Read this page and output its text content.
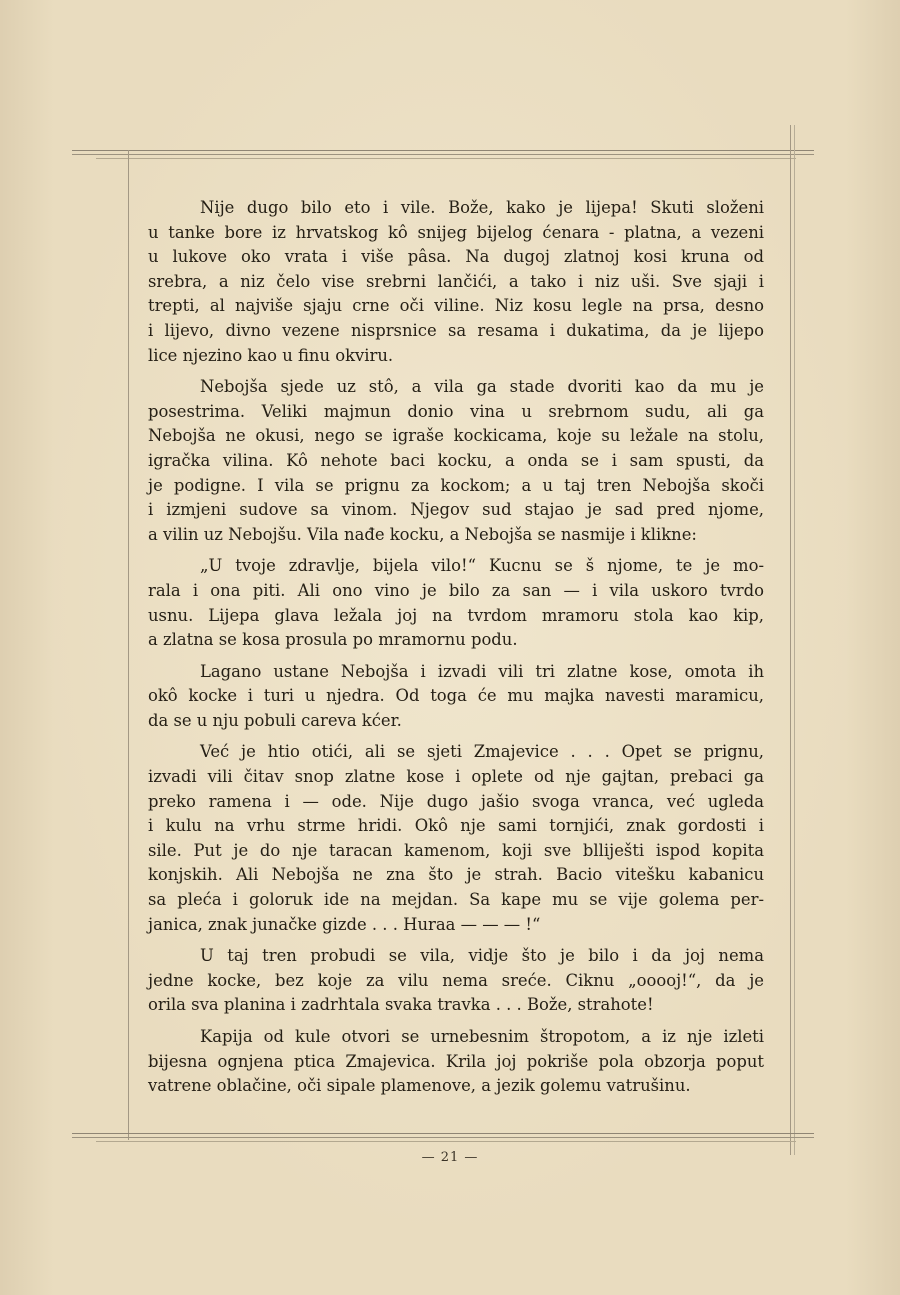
Nije dugo bilo eto i vile. Bože, kako je lijepa! Skuti složeni
u tanke bore iz hrvatskog kô snijeg bijelog ćenara - platna, a vezeni
u lukove oko vrata i više pâsa. Na dugoj zlatnoj kosi kruna od
srebra, a niz čelo vise srebrni lančići, a tako i niz uši. Sve sjaji i
trepti, al najviše sjaju crne oči viline. Niz kosu legle na prsa, desno
i lijevo, divno vezene nisprsnice sa resama i dukatima, da je lijepo
lice njezino kao u finu okviru.
Nebojša sjede uz stô, a vila ga stade dvoriti kao da mu je
posestrima. Veliki majmun donio vina u srebrnom sudu, ali ga
Nebojša ne okusi, nego se igraše kockicama, koje su ležale na stolu,
igračka vilina. Kô nehote baci kocku, a onda se i sam spusti, da
je podigne. I vila se prignu za kockom; a u taj tren Nebojša skoči
i izmjeni sudove sa vinom. Njegov sud stajao je sad pred njome,
a vilin uz Nebojšu. Vila nađe kocku, a Nebojša se nasmije i klikne:
„U tvoje zdravlje, bijela vilo!“ Kucnu se š njome, te je mo-
rala i ona piti. Ali ono vino je bilo za san — i vila uskoro tvrdo
usnu. Lijepa glava ležala joj na tvrdom mramoru stola kao kip,
a zlatna se kosa prosula po mramornu podu.
Lagano ustane Nebojša i izvadi vili tri zlatne kose, omota ih
okô kocke i turi u njedra. Od toga će mu majka navesti maramicu,
da se u nju pobuli careva kćer.
Već je htio otići, ali se sjeti Zmajevice . . . Opet se prignu,
izvadi vili čitav snop zlatne kose i oplete od nje gajtan, prebaci ga
preko ramena i — ode. Nije dugo jašio svoga vranca, već ugleda
i kulu na vrhu strme hridi. Okô nje sami tornjići, znak gordosti i
sile. Put je do nje taracan kamenom, koji sve blliješti ispod kopita
konjskih. Ali Nebojša ne zna što je strah. Bacio vitešku kabanicu
sa pleća i goloruk ide na mejdan. Sa kape mu se vije golema per-
janica, znak junačke gizde . . . Huraa — — — !“
U taj tren probudi se vila, vidje što je bilo i da joj nema
jedne kocke, bez koje za vilu nema sreće. Ciknu „ooooj!“, da je
orila sva planina i zadrhtala svaka travka . . . Bože, strahote!
Kapija od kule otvori se urnebesnim štropotom, a iz nje izleti
bijesna ognjena ptica Zmajevica. Krila joj pokriše pola obzorja poput
vatrene oblačine, oči sipale plamenove, a jezik golemu vatrušinu.
— 21 —
